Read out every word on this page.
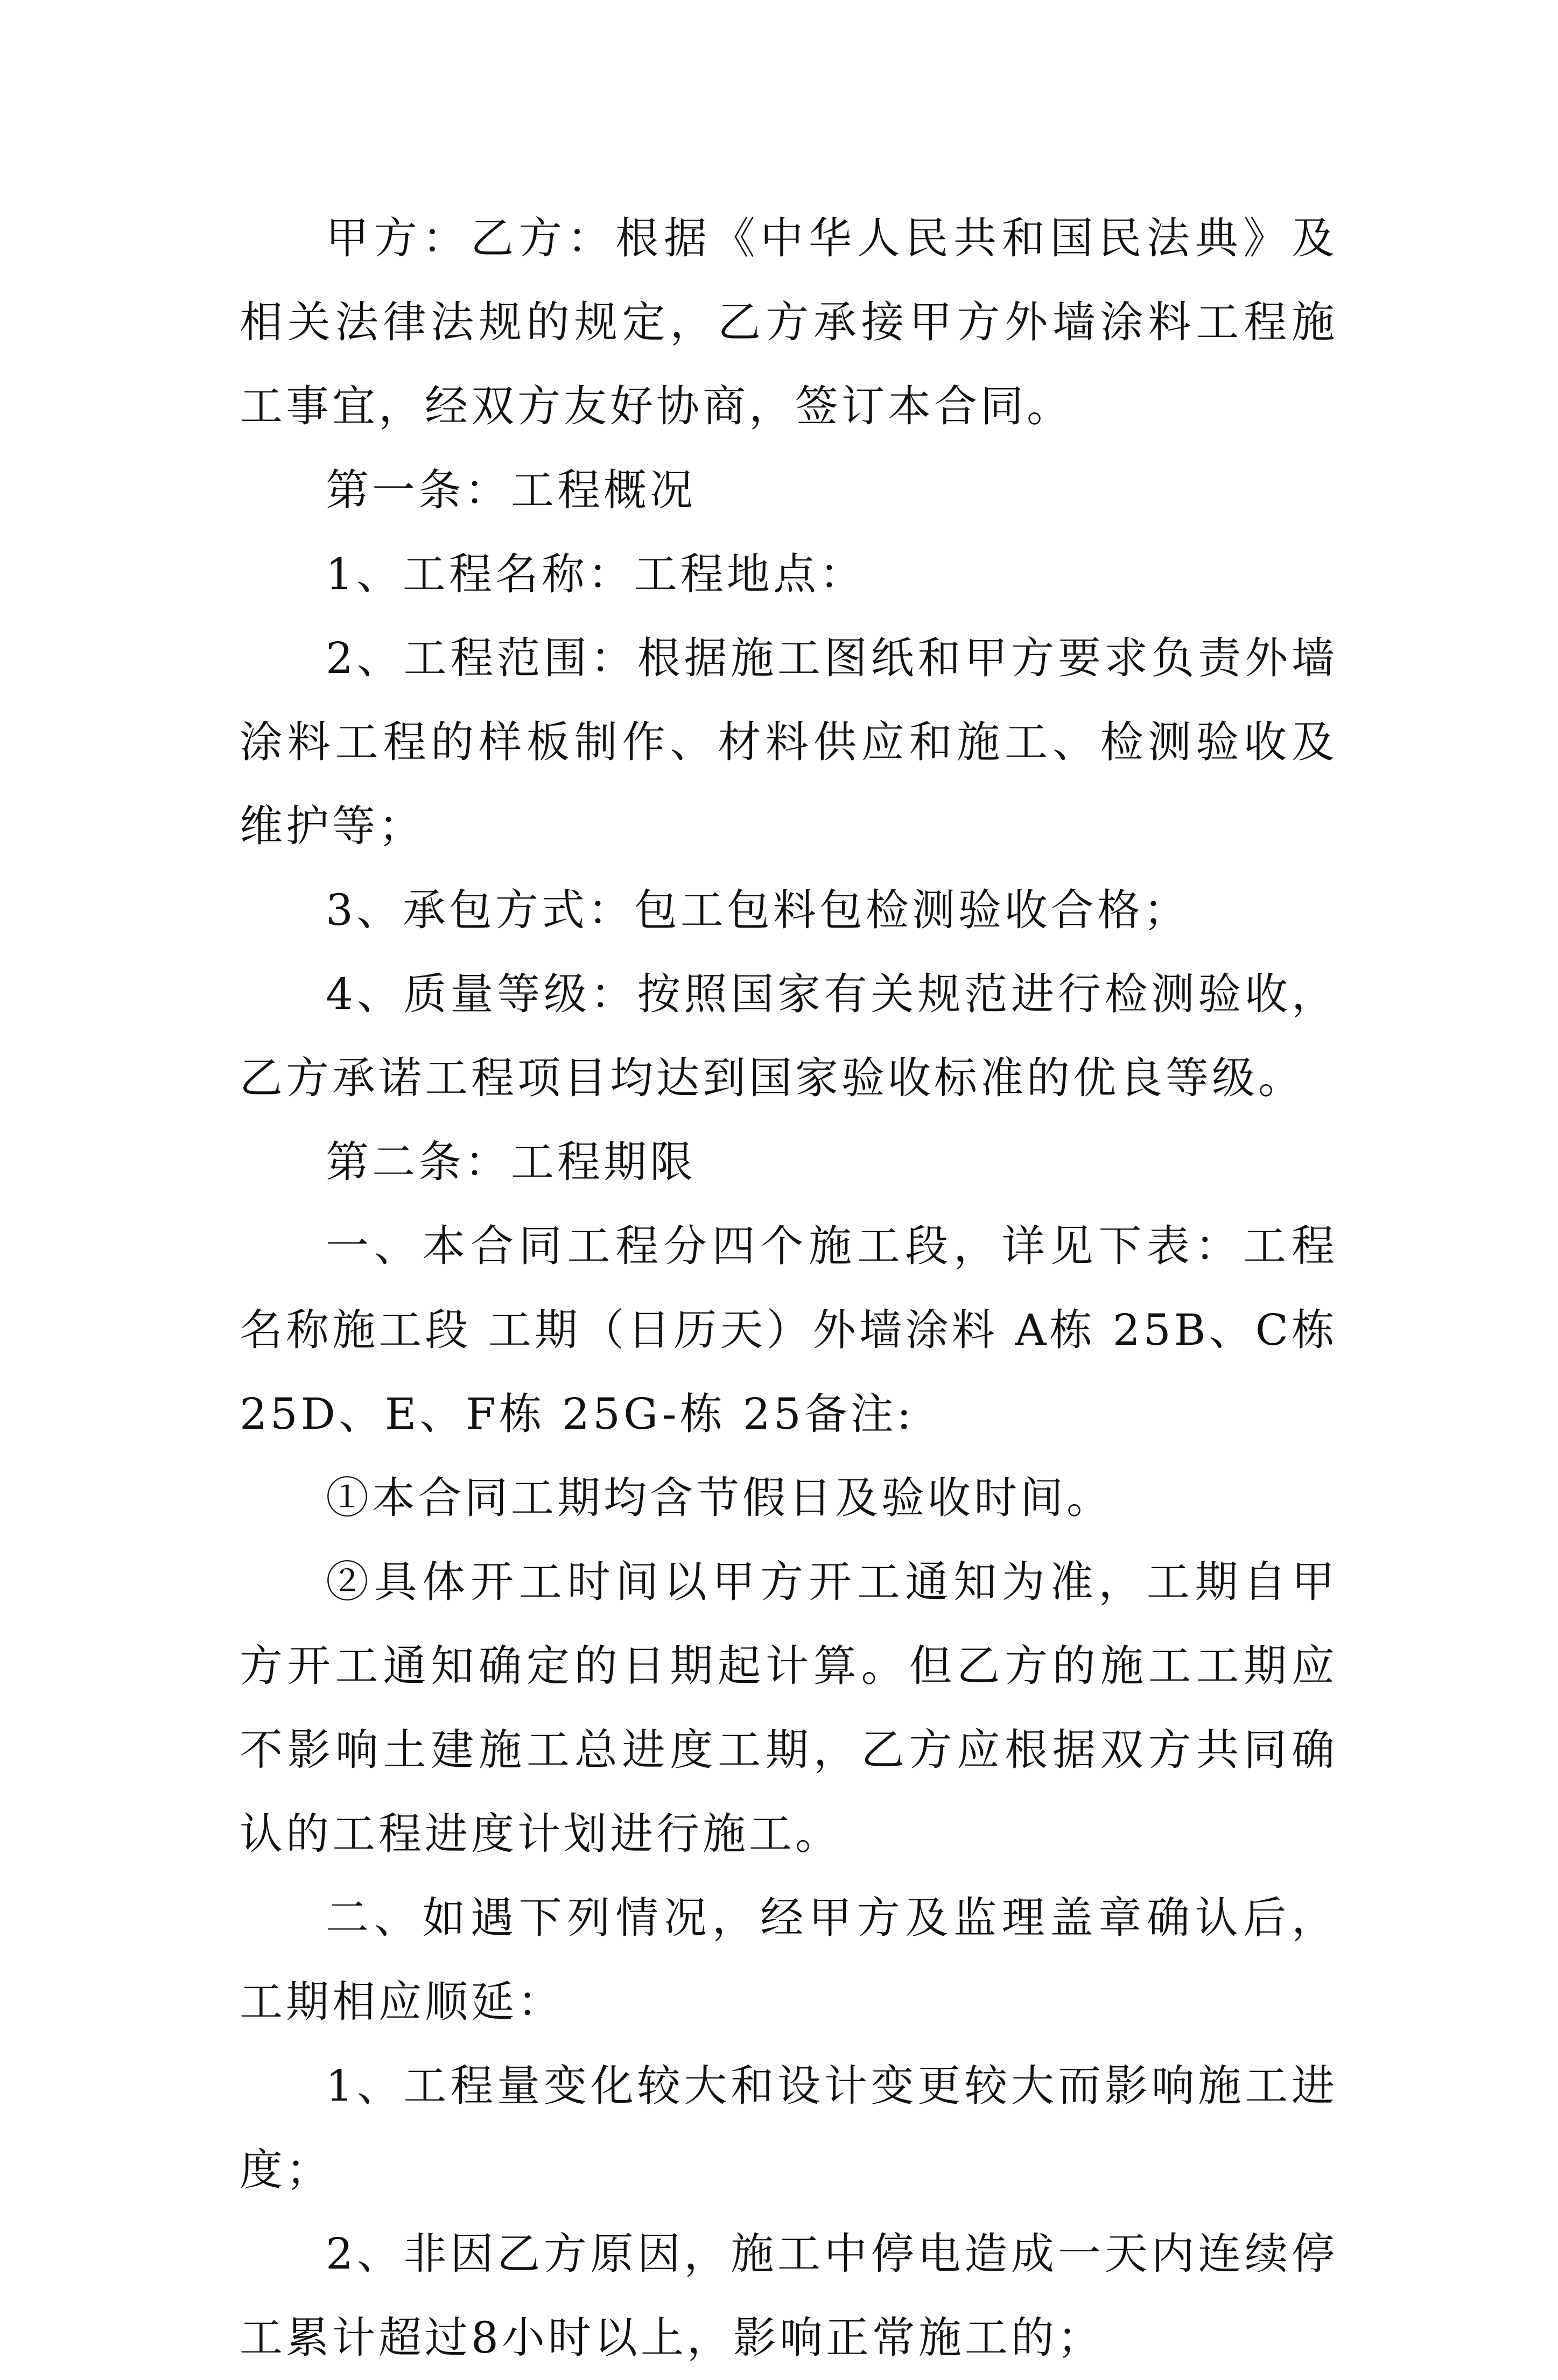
甲方：乙方：根据《中华人民共和国民法典》及相关法律法规的规定，乙方承接甲方外墙涂料工程施工事宜，经双方友好协商，签订本合同。

第一条：工程概况

1、工程名称：工程地点：

2、工程范围：根据施工图纸和甲方要求负责外墙涂料工程的样板制作、材料供应和施工、检测验收及维护等；

3、承包方式：包工包料包检测验收合格；

4、质量等级：按照国家有关规范进行检测验收，乙方承诺工程项目均达到国家验收标准的优良等级。

第二条：工程期限

一、本合同工程分四个施工段，详见下表：工程名称施工段 工期（日历天）外墙涂料 A栋 25B、C栋 25D、E、F栋 25G-栋 25备注:

①本合同工期均含节假日及验收时间。

②具体开工时间以甲方开工通知为准，工期自甲方开工通知确定的日期起计算。但乙方的施工工期应不影响土建施工总进度工期，乙方应根据双方共同确认的工程进度计划进行施工。

二、如遇下列情况，经甲方及监理盖章确认后，工期相应顺延：

1、工程量变化较大和设计变更较大而影响施工进度；

2、非因乙方原因，施工中停电造成一天内连续停工累计超过8小时以上，影响正常施工的；
